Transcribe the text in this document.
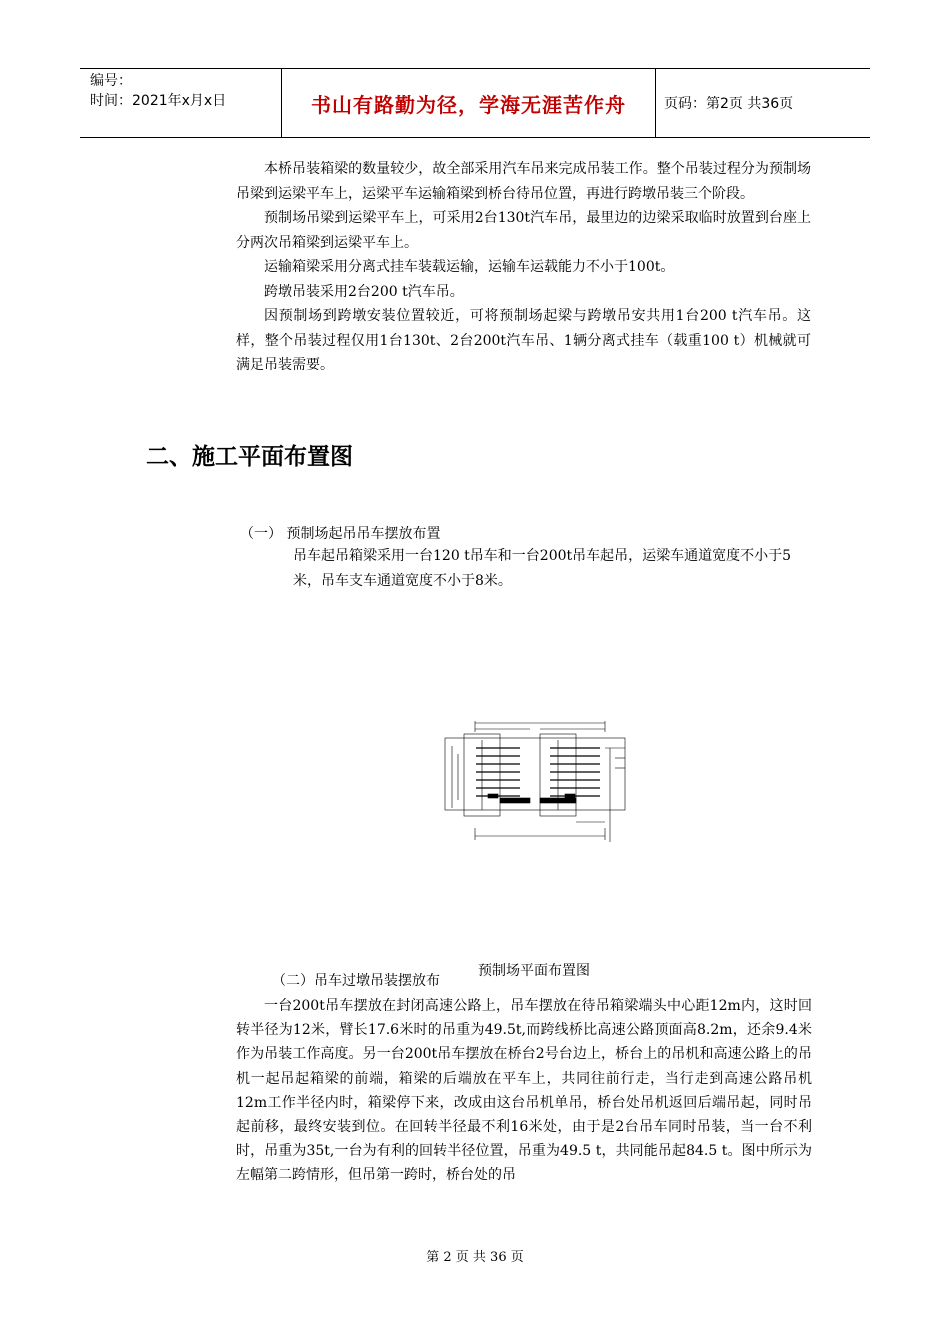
编号：
时间：2021年x月x日	书山有路勤为径，学海无涯苦作舟	页码：第2页 共36页

本桥吊装箱梁的数量较少，故全部采用汽车吊来完成吊装工作。整个吊装过程分为预制场吊梁到运梁平车上，运梁平车运输箱梁到桥台待吊位置，再进行跨墩吊装三个阶段。

预制场吊梁到运梁平车上，可采用2台130t汽车吊，最里边的边梁采取临时放置到台座上分两次吊箱梁到运梁平车上。

运输箱梁采用分离式挂车装载运输，运输车运载能力不小于100t。

跨墩吊装采用2台200 t汽车吊。

因预制场到跨墩安装位置较近，可将预制场起梁与跨墩吊安共用1台200 t汽车吊。这样，整个吊装过程仅用1台130t、2台200t汽车吊、1辆分离式挂车（载重100 t）机械就可满足吊装需要。

二、施工平面布置图
（一） 预制场起吊吊车摆放布置
吊车起吊箱梁采用一台120 t吊车和一台200t吊车起吊，运梁车通道宽度不小于5米，吊车支车通道宽度不小于8米。
预制场平面布置图
（二）吊车过墩吊装摆放布

一台200t吊车摆放在封闭高速公路上，吊车摆放在待吊箱梁端头中心距12m内，这时回转半径为12米，臂长17.6米时的吊重为49.5t,而跨线桥比高速公路顶面高8.2m，还余9.4米作为吊装工作高度。另一台200t吊车摆放在桥台2号台边上，桥台上的吊机和高速公路上的吊机一起吊起箱梁的前端，箱梁的后端放在平车上，共同往前行走，当行走到高速公路吊机12m工作半径内时，箱梁停下来，改成由这台吊机单吊，桥台处吊机返回后端吊起，同时吊起前移，最终安装到位。在回转半径最不利16米处，由于是2台吊车同时吊装，当一台不利时，吊重为35t,一台为有利的回转半径位置，吊重为49.5 t，共同能吊起84.5 t。图中所示为左幅第二跨情形，但吊第一跨时，桥台处的吊

第 2 页 共 36 页
